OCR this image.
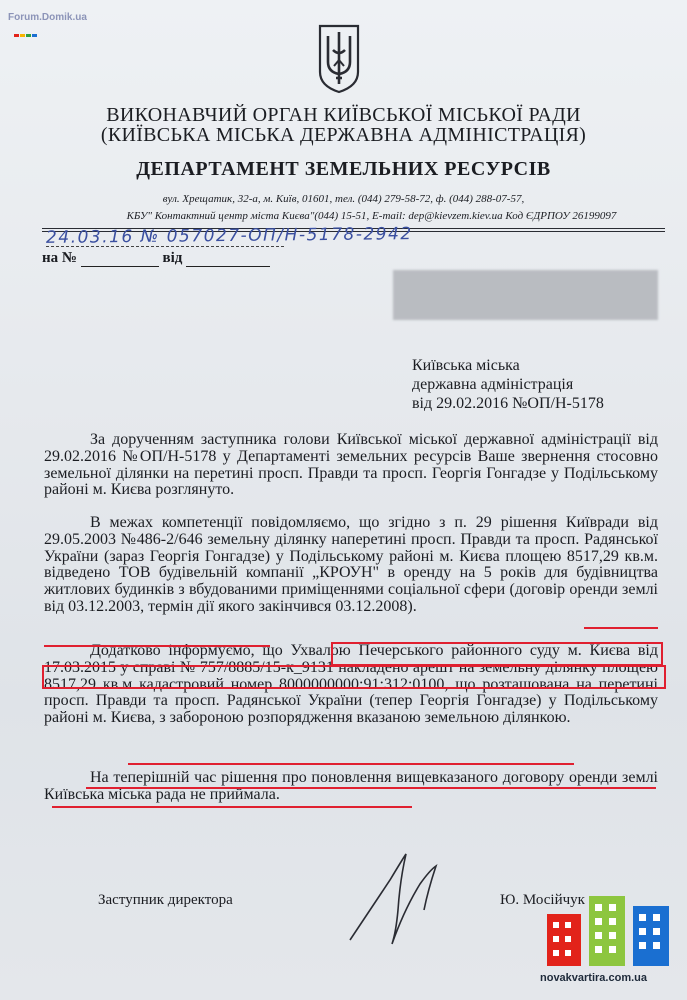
Forum.Domik.ua
ВИКОНАВЧИЙ ОРГАН КИЇВСЬКОЇ МІСЬКОЇ РАДИ
(КИЇВСЬКА МІСЬКА ДЕРЖАВНА АДМІНІСТРАЦІЯ)
ДЕПАРТАМЕНТ ЗЕМЕЛЬНИХ РЕСУРСІВ
вул. Хрещатик, 32-а, м. Київ, 01601, тел. (044) 279-58-72, ф. (044) 288-07-57,
КБУ" Контактний центр міста Києва"(044) 15-51, E-mail: dep@kievzem.kiev.ua Код ЄДРПОУ 26199097
24.03.16 № 057027-ОП/Н-5178-2942
на №	від
Київська міська
державна адміністрація
від 29.02.2016 №ОП/Н-5178

За дорученням заступника голови Київської міської державної адміністрації від 29.02.2016 №ОП/Н-5178 у Департаменті земельних ресурсів Ваше звернення стосовно земельної ділянки на перетині просп. Правди та просп. Георгія Гонгадзе у Подільському районі м. Києва розглянуто.

В межах компетенції повідомляємо, що згідно з п. 29 рішення Київради від 29.05.2003 №486-2/646 земельну ділянку наперетині просп. Правди та просп. Радянської України (зараз Георгія Гонгадзе) у Подільському районі м. Києва площею 8517,29 кв.м. відведено ТОВ будівельній компанії „КРОУН" в оренду на 5 років для будівництва житлових будинків з вбудованими приміщеннями соціальної сфери (договір оренди землі від 03.12.2003, термін дії якого закінчився 03.12.2008).

Додатково інформуємо, що Ухвалою Печерського районного суду м. Києва від 17.03.2015 у справі № 757/8885/15-к_9131 накладено арешт на земельну ділянку площею 8517,29 кв.м кадастровий номер 8000000000:91:312:0100, що розташована на перетині просп. Правди та просп. Радянської України (тепер Георгія Гонгадзе) у Подільському районі м. Києва, з забороною розпорядження вказаною земельною ділянкою.

На теперішній час рішення про поновлення вищевказаного договору оренди землі Київська міська рада не приймала.

Заступник директора	Ю. Мосійчук
novakvartira.com.ua
